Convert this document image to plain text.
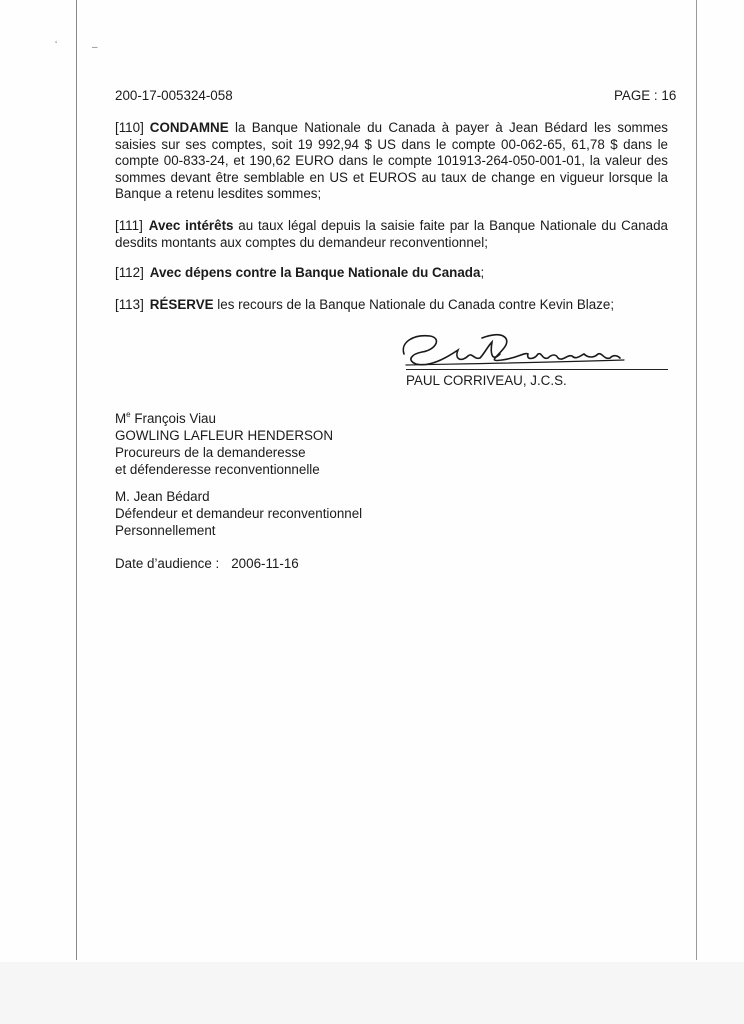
ʻ	–
200-17-005324-058	PAGE : 16
[110] CONDAMNE la Banque Nationale du Canada à payer à Jean Bédard les sommes saisies sur ses comptes, soit 19 992,94 $ US dans le compte 00-062-65, 61,78 $ dans le compte 00-833-24, et 190,62 EURO dans le compte 101913-264-050-001-01, la valeur des sommes devant être semblable en US et EUROS au taux de change en vigueur lorsque la Banque a retenu lesdites sommes;
[111] Avec intérêts au taux légal depuis la saisie faite par la Banque Nationale du Canada desdits montants aux comptes du demandeur reconventionnel;
[112] Avec dépens contre la Banque Nationale du Canada;
[113] RÉSERVE les recours de la Banque Nationale du Canada contre Kevin Blaze;
PAUL CORRIVEAU, J.C.S.
Me François Viau
GOWLING LAFLEUR HENDERSON
Procureurs de la demanderesse
et défenderesse reconventionnelle
M. Jean Bédard
Défendeur et demandeur reconventionnel
Personnellement
Date d’audience : 2006-11-16
